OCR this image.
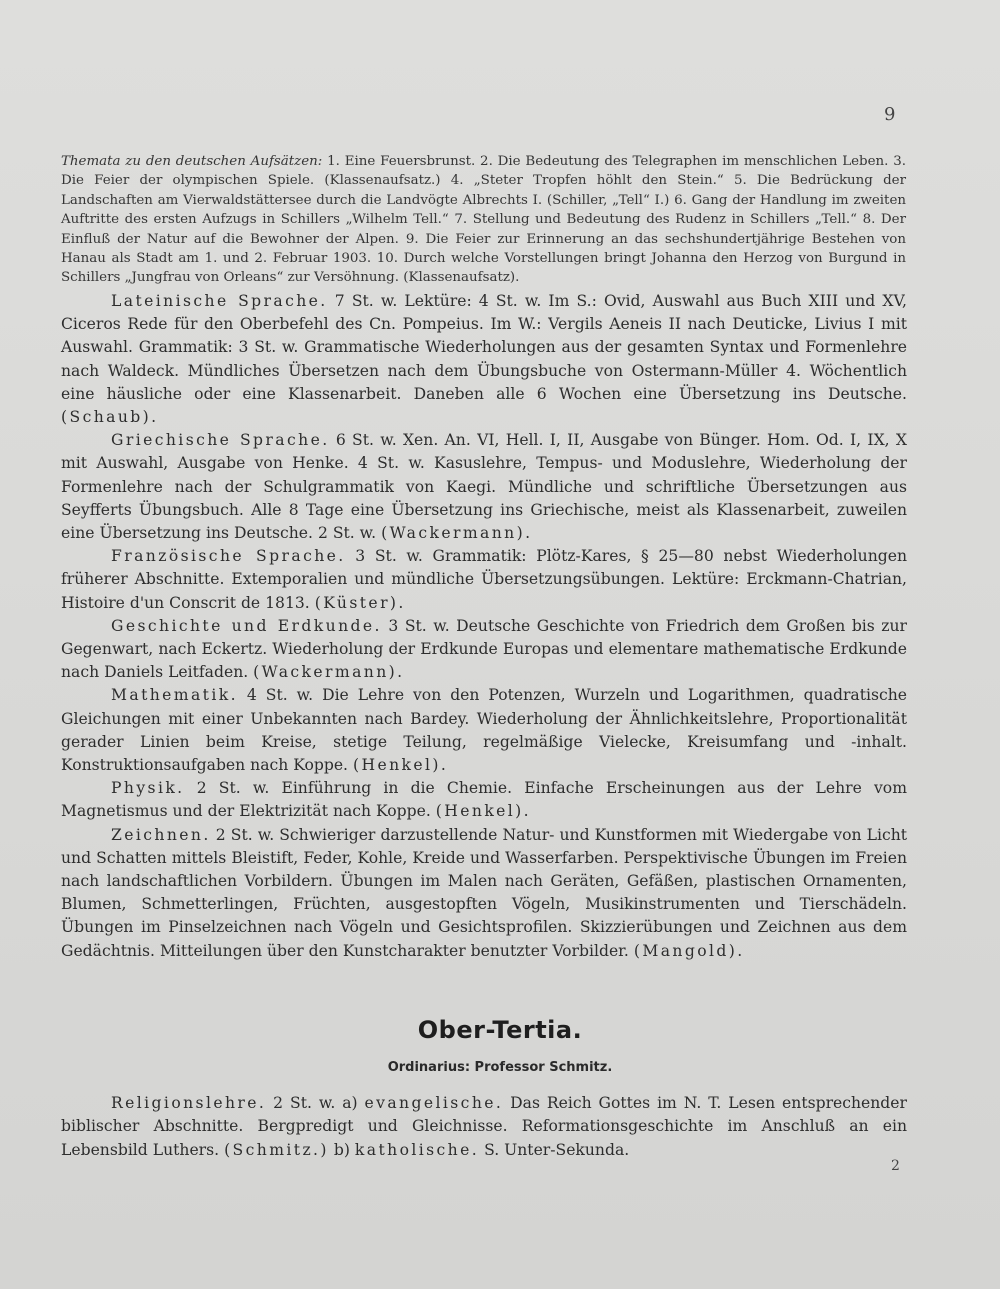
9
Themata zu den deutschen Aufsätzen: 1. Eine Feuersbrunst. 2. Die Bedeutung des Telegraphen im menschlichen Leben. 3. Die Feier der olympischen Spiele. (Klassenaufsatz.) 4. „Steter Tropfen höhlt den Stein.“ 5. Die Bedrückung der Landschaften am Vierwaldstättersee durch die Landvögte Albrechts I. (Schiller, „Tell“ I.) 6. Gang der Handlung im zweiten Auftritte des ersten Aufzugs in Schillers „Wilhelm Tell.“ 7. Stellung und Bedeutung des Rudenz in Schillers „Tell.“ 8. Der Einfluß der Natur auf die Bewohner der Alpen. 9. Die Feier zur Erinnerung an das sechshundertjährige Bestehen von Hanau als Stadt am 1. und 2. Februar 1903. 10. Durch welche Vorstellungen bringt Johanna den Herzog von Burgund in Schillers „Jungfrau von Orleans“ zur Versöhnung. (Klassenaufsatz).

Lateinische Sprache. 7 St. w. Lektüre: 4 St. w. Im S.: Ovid, Auswahl aus Buch XIII und XV, Ciceros Rede für den Oberbefehl des Cn. Pompeius. Im W.: Vergils Aeneis II nach Deuticke, Livius I mit Auswahl. Grammatik: 3 St. w. Grammatische Wiederholungen aus der gesamten Syntax und Formenlehre nach Waldeck. Mündliches Übersetzen nach dem Übungsbuche von Ostermann-Müller 4. Wöchentlich eine häusliche oder eine Klassenarbeit. Daneben alle 6 Wochen eine Übersetzung ins Deutsche. (Schaub).

Griechische Sprache. 6 St. w. Xen. An. VI, Hell. I, II, Ausgabe von Bünger. Hom. Od. I, IX, X mit Auswahl, Ausgabe von Henke. 4 St. w. Kasuslehre, Tempus- und Moduslehre, Wiederholung der Formenlehre nach der Schulgrammatik von Kaegi. Mündliche und schriftliche Übersetzungen aus Seyfferts Übungsbuch. Alle 8 Tage eine Übersetzung ins Griechische, meist als Klassenarbeit, zuweilen eine Übersetzung ins Deutsche. 2 St. w. (Wackermann).

Französische Sprache. 3 St. w. Grammatik: Plötz-Kares, § 25—80 nebst Wiederholungen früherer Abschnitte. Extemporalien und mündliche Übersetzungsübungen. Lektüre: Erckmann-Chatrian, Histoire d'un Conscrit de 1813. (Küster).

Geschichte und Erdkunde. 3 St. w. Deutsche Geschichte von Friedrich dem Großen bis zur Gegenwart, nach Eckertz. Wiederholung der Erdkunde Europas und elementare mathematische Erdkunde nach Daniels Leitfaden. (Wackermann).

Mathematik. 4 St. w. Die Lehre von den Potenzen, Wurzeln und Logarithmen, quadratische Gleichungen mit einer Unbekannten nach Bardey. Wiederholung der Ähnlichkeitslehre, Proportionalität gerader Linien beim Kreise, stetige Teilung, regelmäßige Vielecke, Kreisumfang und -inhalt. Konstruktionsaufgaben nach Koppe. (Henkel).

Physik. 2 St. w. Einführung in die Chemie. Einfache Erscheinungen aus der Lehre vom Magnetismus und der Elektrizität nach Koppe. (Henkel).

Zeichnen. 2 St. w. Schwieriger darzustellende Natur- und Kunstformen mit Wiedergabe von Licht und Schatten mittels Bleistift, Feder, Kohle, Kreide und Wasserfarben. Perspektivische Übungen im Freien nach landschaftlichen Vorbildern. Übungen im Malen nach Geräten, Gefäßen, plastischen Ornamenten, Blumen, Schmetterlingen, Früchten, ausgestopften Vögeln, Musikinstrumenten und Tierschädeln. Übungen im Pinselzeichnen nach Vögeln und Gesichtsprofilen. Skizzierübungen und Zeichnen aus dem Gedächtnis. Mitteilungen über den Kunstcharakter benutzter Vorbilder. (Mangold).

Ober-Tertia.
Ordinarius: Professor Schmitz.

Religionslehre. 2 St. w. a) evangelische. Das Reich Gottes im N. T. Lesen entsprechender biblischer Abschnitte. Bergpredigt und Gleichnisse. Reformationsgeschichte im Anschluß an ein Lebensbild Luthers. (Schmitz.) b) katholische. S. Unter-Sekunda.

2
